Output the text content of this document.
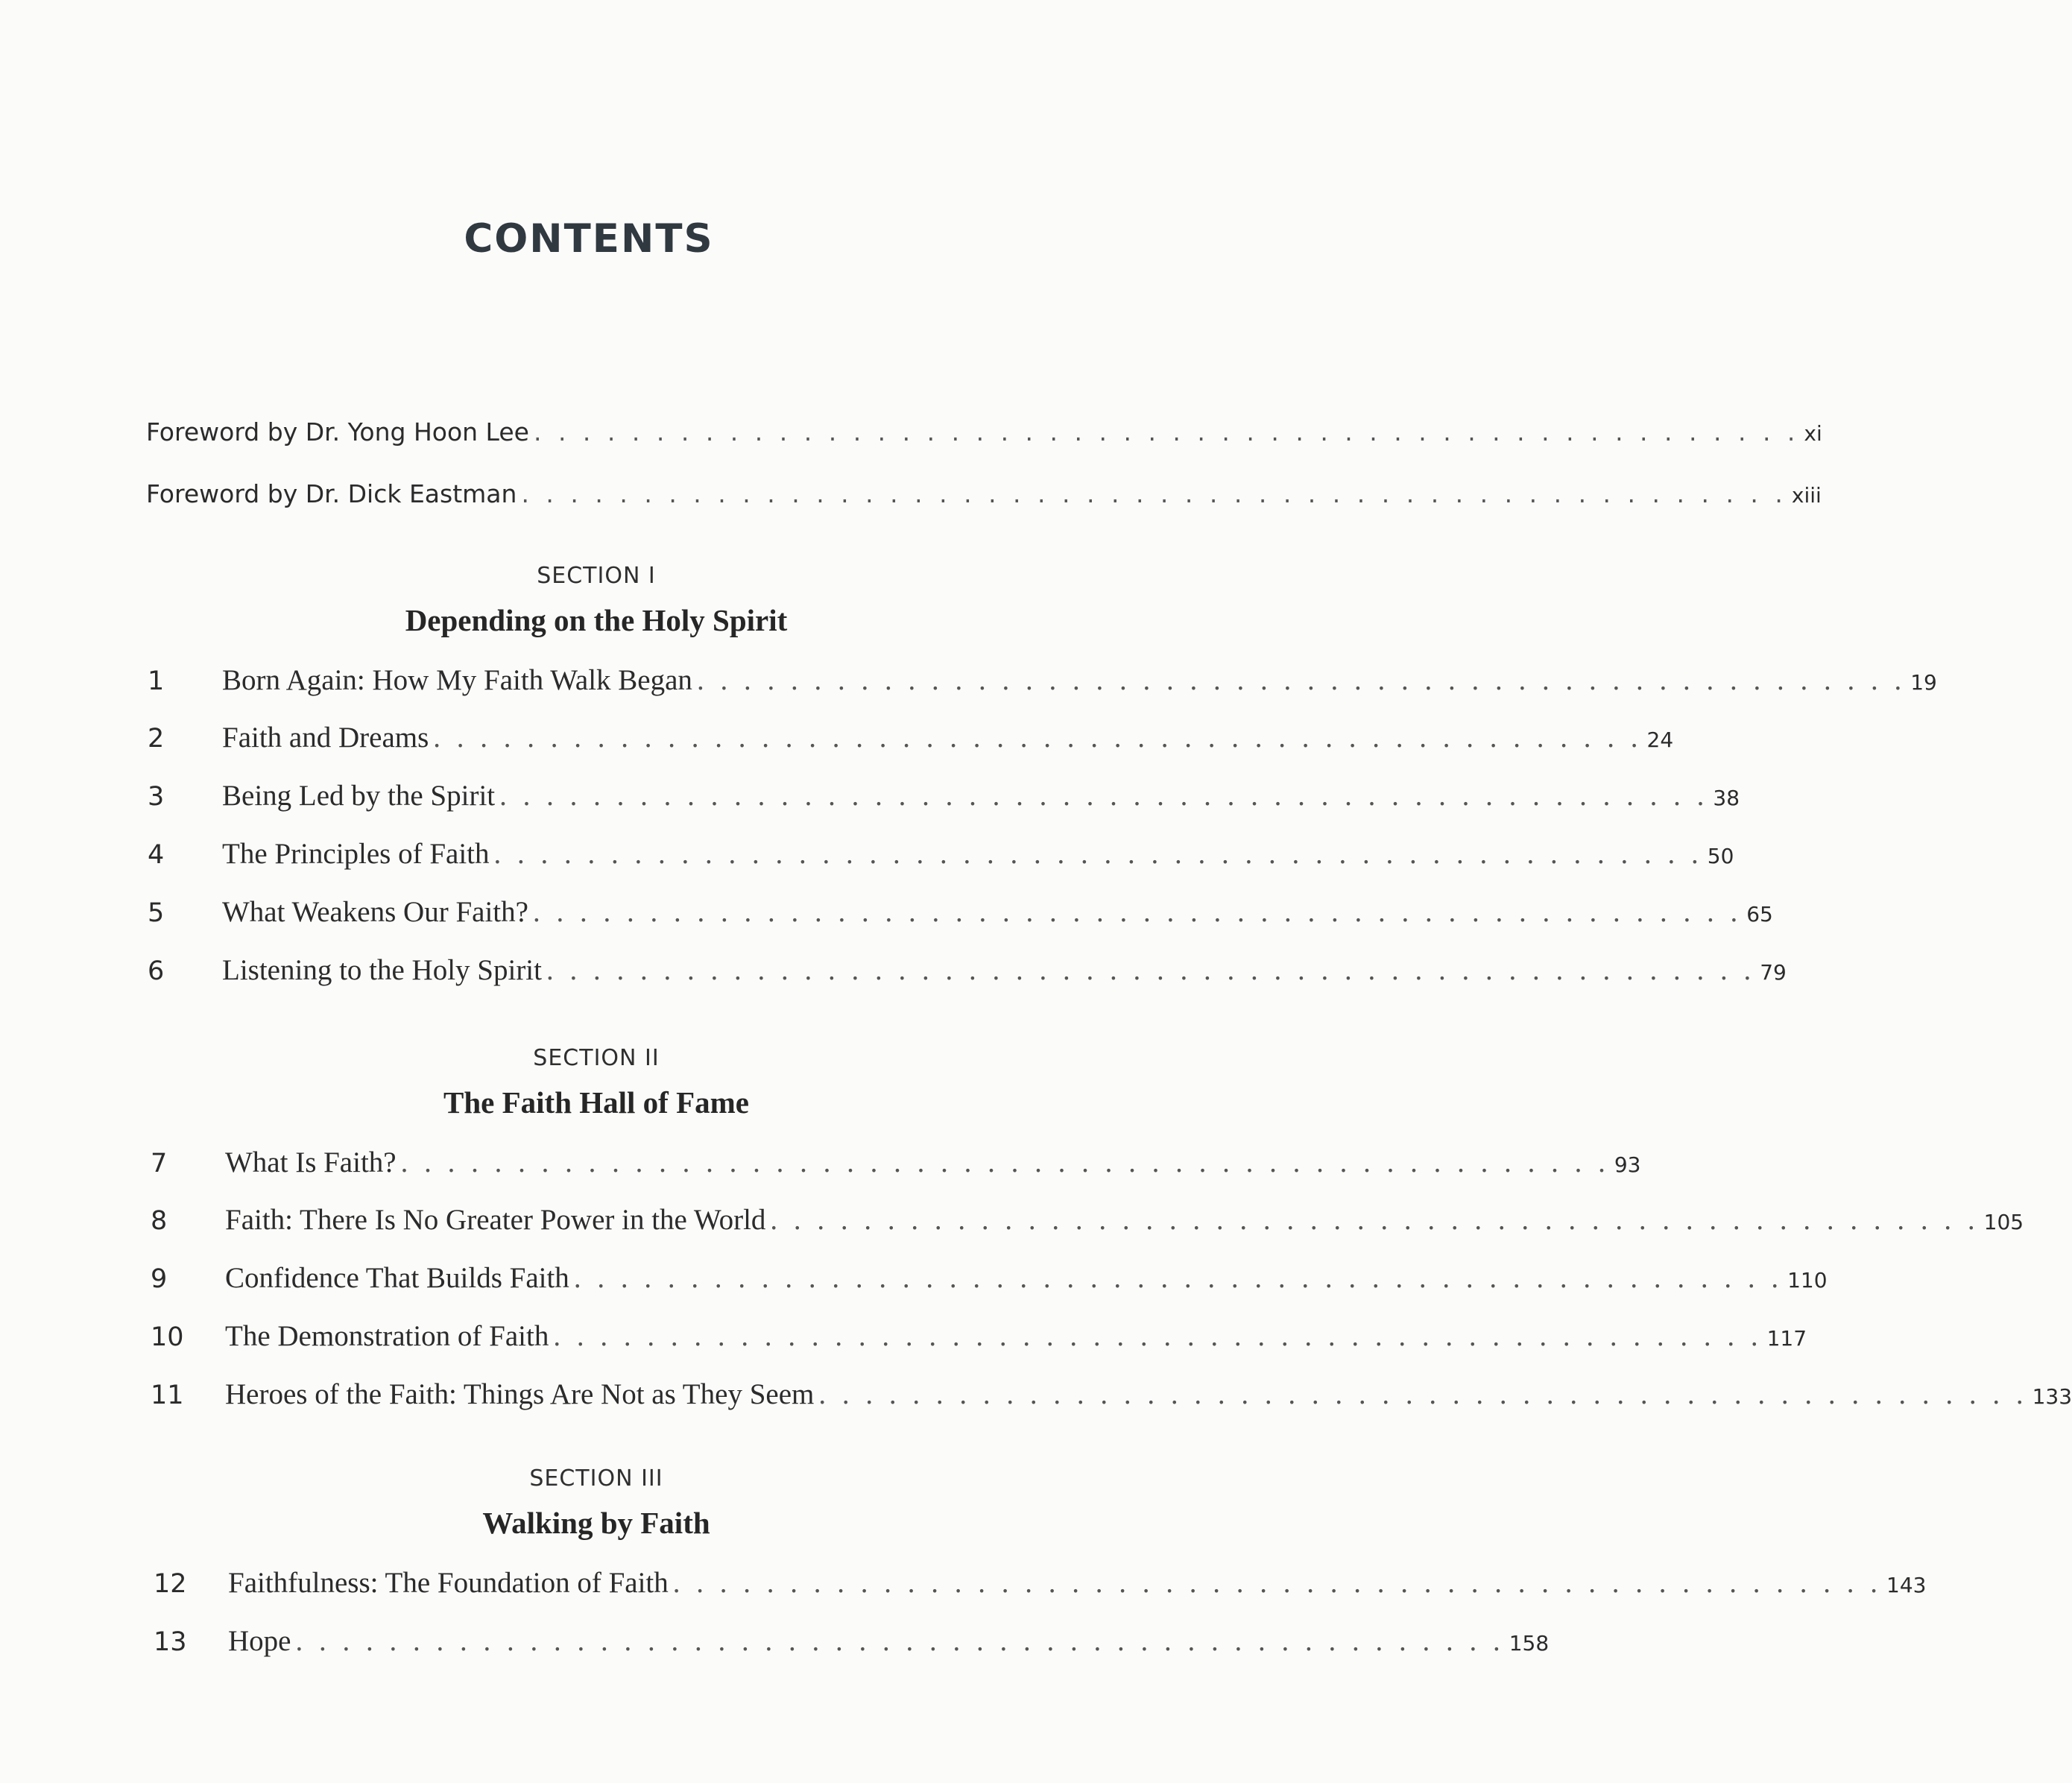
CONTENTS
Foreword by Dr. Yong Hoon Lee . . . . . . . . . . . . . . . . . . . . . . . . . . . . . . . . . . . . . . . . . . . . . . . . . . . . xi
Foreword by Dr. Dick Eastman . . . . . . . . . . . . . . . . . . . . . . . . . . . . . . . . . . . . . . . . . . . . . . . . . . . . xiii
SECTION I
Depending on the Holy Spirit
1	Born Again: How My Faith Walk Began . . . . . . . . . . . . . . . . . . . . . . . . . . . . . . . . . . . . . . . . . . . . . . . . . . . . 19
2	Faith and Dreams . . . . . . . . . . . . . . . . . . . . . . . . . . . . . . . . . . . . . . . . . . . . . . . . . . . . 24
3	Being Led by the Spirit . . . . . . . . . . . . . . . . . . . . . . . . . . . . . . . . . . . . . . . . . . . . . . . . . . . . 38
4	The Principles of Faith . . . . . . . . . . . . . . . . . . . . . . . . . . . . . . . . . . . . . . . . . . . . . . . . . . . . 50
5	What Weakens Our Faith? . . . . . . . . . . . . . . . . . . . . . . . . . . . . . . . . . . . . . . . . . . . . . . . . . . . . 65
6	Listening to the Holy Spirit . . . . . . . . . . . . . . . . . . . . . . . . . . . . . . . . . . . . . . . . . . . . . . . . . . . . 79
SECTION II
The Faith Hall of Fame
7	What Is Faith? . . . . . . . . . . . . . . . . . . . . . . . . . . . . . . . . . . . . . . . . . . . . . . . . . . . . 93
8	Faith: There Is No Greater Power in the World . . . . . . . . . . . . . . . . . . . . . . . . . . . . . . . . . . . . . . . . . . . . . . . . . . . . 105
9	Confidence That Builds Faith . . . . . . . . . . . . . . . . . . . . . . . . . . . . . . . . . . . . . . . . . . . . . . . . . . . . 110
10	The Demonstration of Faith . . . . . . . . . . . . . . . . . . . . . . . . . . . . . . . . . . . . . . . . . . . . . . . . . . . . 117
11	Heroes of the Faith: Things Are Not as They Seem . . . . . . . . . . . . . . . . . . . . . . . . . . . . . . . . . . . . . . . . . . . . . . . . . . . . 133
SECTION III
Walking by Faith
12	Faithfulness: The Foundation of Faith . . . . . . . . . . . . . . . . . . . . . . . . . . . . . . . . . . . . . . . . . . . . . . . . . . . . 143
13	Hope . . . . . . . . . . . . . . . . . . . . . . . . . . . . . . . . . . . . . . . . . . . . . . . . . . . . 158
